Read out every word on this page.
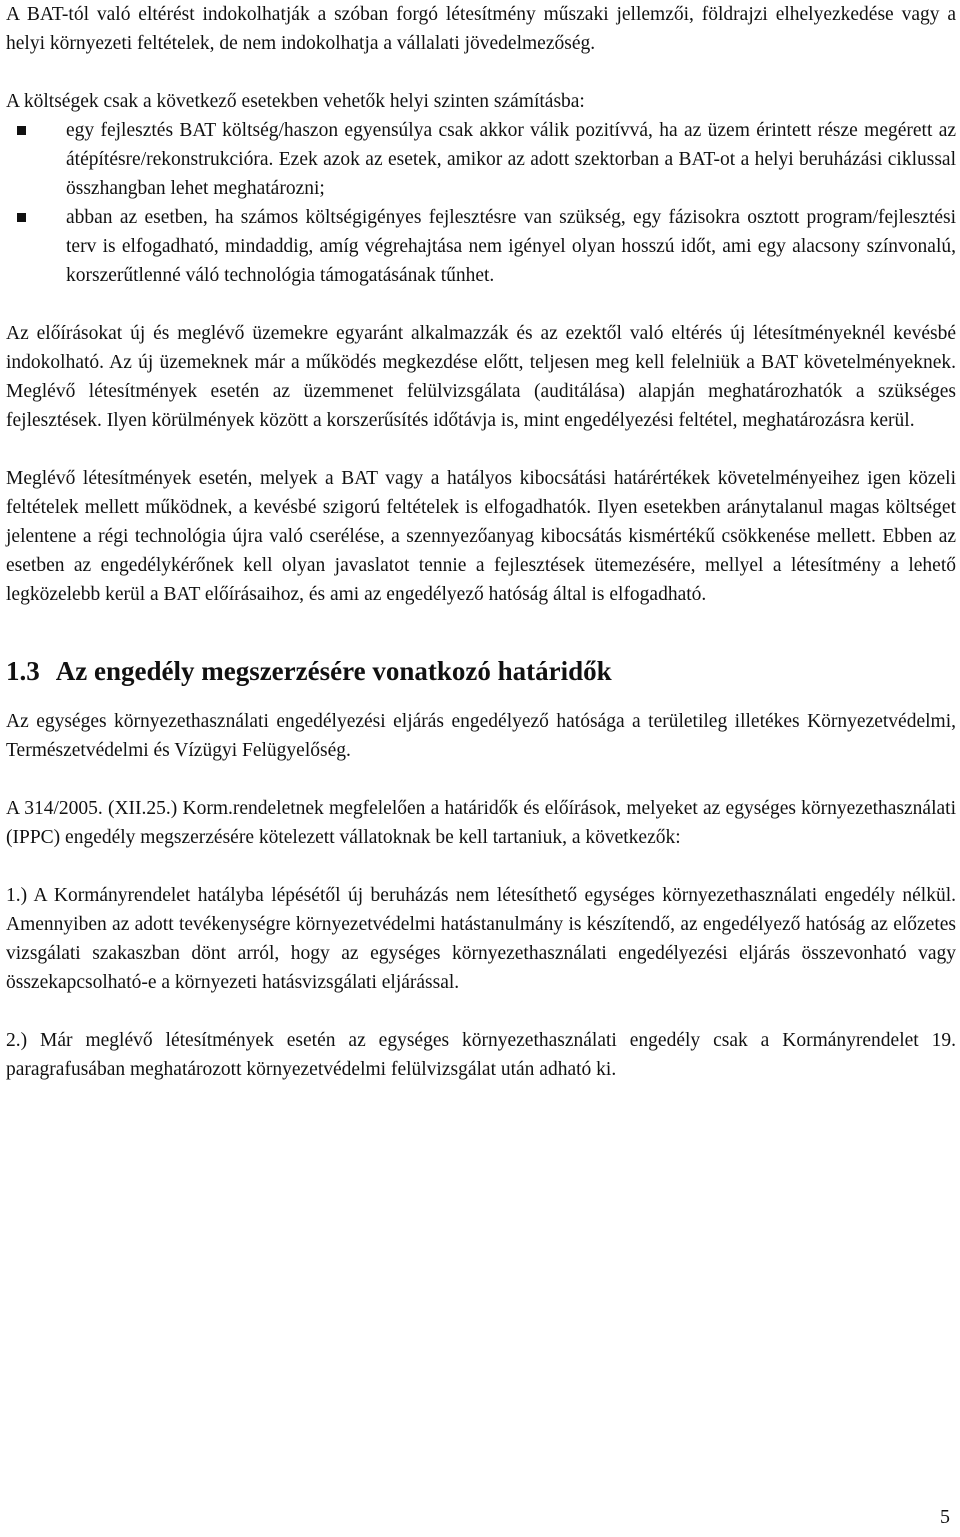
A BAT-tól való eltérést indokolhatják a szóban forgó létesítmény műszaki jellemzői, földrajzi elhelyezkedése vagy a helyi környezeti feltételek, de nem indokolhatja a vállalati jövedelmezőség.

A költségek csak a következő esetekben vehetők helyi szinten számításba:

egy fejlesztés BAT költség/haszon egyensúlya csak akkor válik pozitívvá, ha az üzem érintett része megérett az átépítésre/rekonstrukcióra. Ezek azok az esetek, amikor az adott szektorban a BAT-ot a helyi beruházási ciklussal összhangban lehet meghatározni;
abban az esetben, ha számos költségigényes fejlesztésre van szükség, egy fázisokra osztott program/fejlesztési terv is elfogadható, mindaddig, amíg végrehajtása nem igényel olyan hosszú időt, ami egy alacsony színvonalú, korszerűtlenné váló technológia támogatásának tűnhet.

Az előírásokat új és meglévő üzemekre egyaránt alkalmazzák és az ezektől való eltérés új létesítményeknél kevésbé indokolható. Az új üzemeknek már a működés megkezdése előtt, teljesen meg kell felelniük a BAT követelményeknek. Meglévő létesítmények esetén az üzemmenet felülvizsgálata (auditálása) alapján meghatározhatók a szükséges fejlesztések. Ilyen körülmények között a korszerűsítés időtávja is, mint engedélyezési feltétel, meghatározásra kerül.

Meglévő létesítmények esetén, melyek a BAT vagy a hatályos kibocsátási határértékek követelményeihez igen közeli feltételek mellett működnek, a kevésbé szigorú feltételek is elfogadhatók. Ilyen esetekben aránytalanul magas költséget jelentene a régi technológia újra való cserélése, a szennyezőanyag kibocsátás kismértékű csökkenése mellett. Ebben az esetben az engedélykérőnek kell olyan javaslatot tennie a fejlesztések ütemezésére, mellyel a létesítmény a lehető legközelebb kerül a BAT előírásaihoz, és ami az engedélyező hatóság által is elfogadható.

1.3 Az engedély megszerzésére vonatkozó határidők

Az egységes környezethasználati engedélyezési eljárás engedélyező hatósága a területileg illetékes Környezetvédelmi, Természetvédelmi és Vízügyi Felügyelőség.

A 314/2005. (XII.25.) Korm.rendeletnek megfelelően a határidők és előírások, melyeket az egységes környezethasználati (IPPC) engedély megszerzésére kötelezett vállatoknak be kell tartaniuk, a következők:

1.) A Kormányrendelet hatályba lépésétől új beruházás nem létesíthető egységes környezethasználati engedély nélkül. Amennyiben az adott tevékenységre környezetvédelmi hatástanulmány is készítendő, az engedélyező hatóság az előzetes vizsgálati szakaszban dönt arról, hogy az egységes környezethasználati engedélyezési eljárás összevonható vagy összekapcsolható-e a környezeti hatásvizsgálati eljárással.

2.) Már meglévő létesítmények esetén az egységes környezethasználati engedély csak a Kormányrendelet 19. paragrafusában meghatározott környezetvédelmi felülvizsgálat után adható ki.

5
